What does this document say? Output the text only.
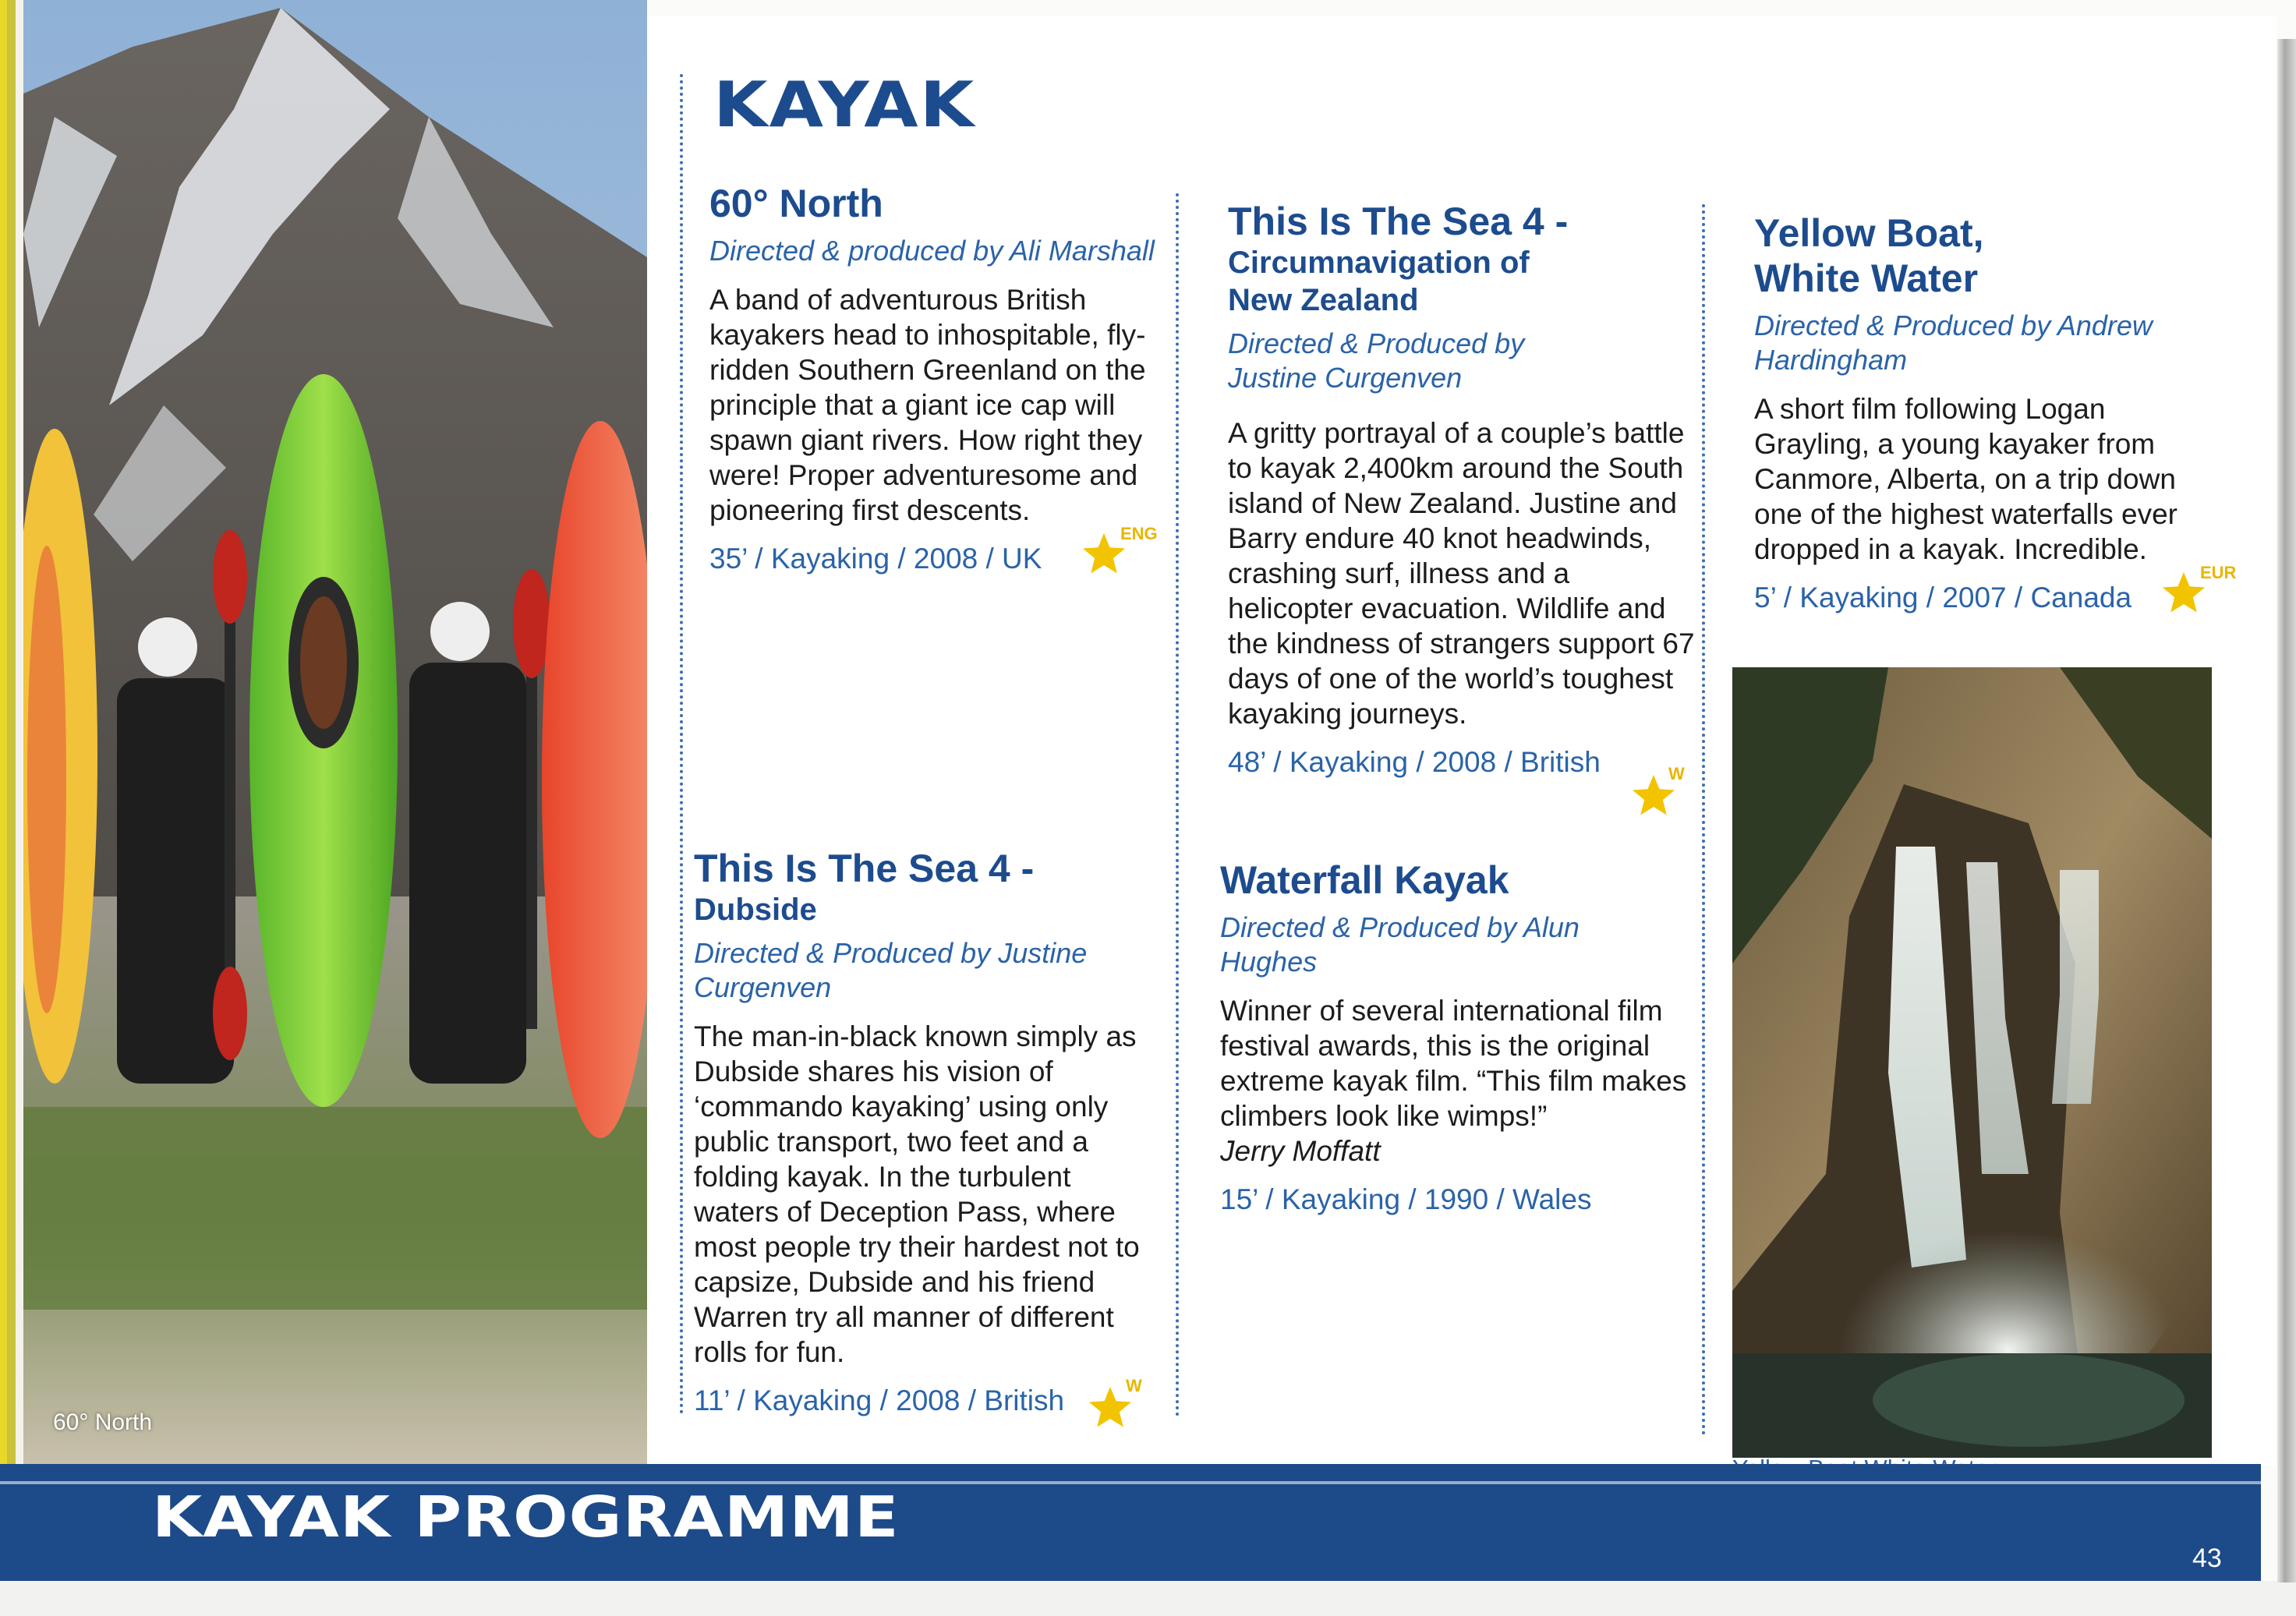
60° North
KAYAK
60° North
Directed & produced by Ali Marshall
A band of adventurous British kayakers head to inhospitable, fly-ridden Southern Greenland on the principle that a giant ice cap will spawn giant rivers. How right they were! Proper adventuresome and pioneering first descents.
35’ / Kayaking / 2008 / UK
ENG
This Is The Sea 4 -
Dubside
Directed & Produced by Justine Curgenven
The man-in-black known simply as Dubside shares his vision of ‘commando kayaking’ using only public transport, two feet and a folding kayak. In the turbulent waters of Deception Pass, where most people try their hardest not to capsize, Dubside and his friend Warren try all manner of different rolls for fun.
11’ / Kayaking / 2008 / British	W
This Is The Sea 4 -
Circumnavigation of New Zealand
Directed & Produced by Justine Curgenven
A gritty portrayal of a couple’s battle to kayak 2,400km around the South island of New Zealand. Justine and Barry endure 40 knot headwinds, crashing surf, illness and a helicopter evacuation. Wildlife and the kindness of strangers support 67 days of one of the world’s toughest kayaking journeys.
48’ / Kayaking / 2008 / British	W
Waterfall Kayak
Directed & Produced by Alun Hughes
Winner of several international film festival awards, this is the original extreme kayak film. “This film makes climbers look like wimps!”
Jerry Moffatt
15’ / Kayaking / 1990 / Wales
Yellow Boat, White Water
Directed & Produced by Andrew Hardingham
A short film following Logan Grayling, a young kayaker from Canmore, Alberta, on a trip down one of the highest waterfalls ever dropped in a kayak. Incredible.
5’ / Kayaking / 2007 / Canada
EUR
KAYAK PROGRAMME
43
